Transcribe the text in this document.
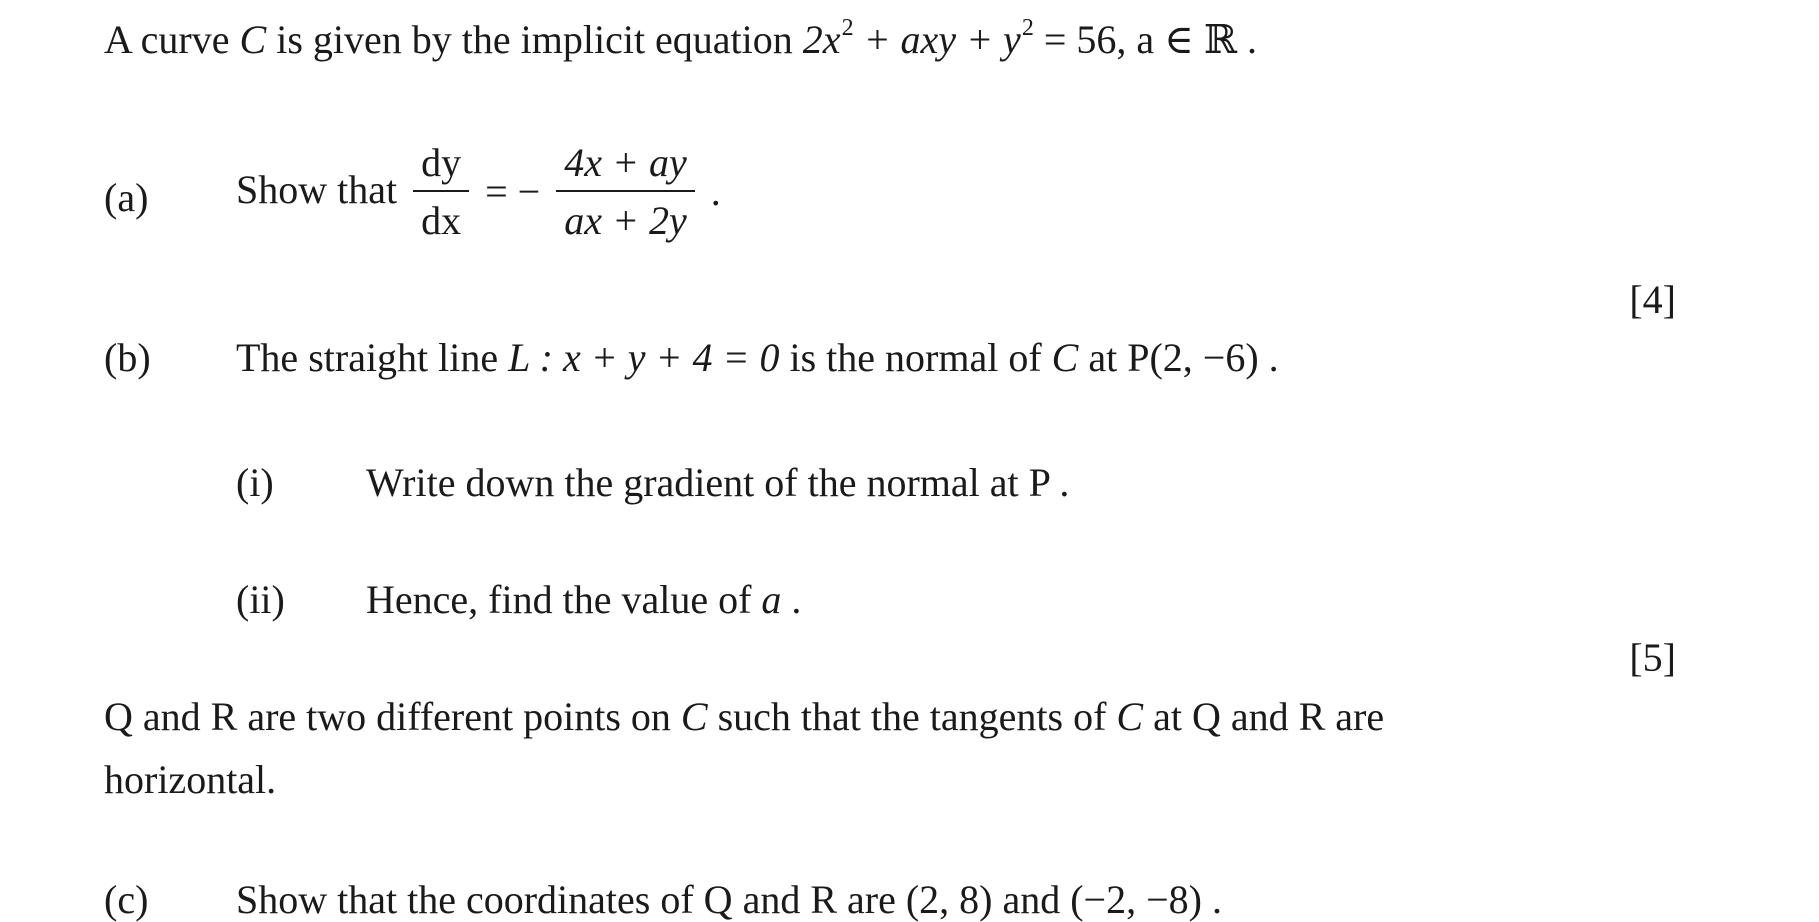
A curve C is given by the implicit equation $2x^2$ + axy + $y^2 = 56$, a ∈ ℝ .
(a) Show that $\frac{dy}{dx}$ = − $\frac{4x + ay}{ax + 2y}$ .
[4]
(b) The straight line L : x + y + 4 = 0 is the normal of C at P(2, −6) .
(i) Write down the gradient of the normal at P .
(ii) Hence, find the value of a .
[5]
Q and R are two different points on C such that the tangents of C at Q and R are
horizontal.
(c) Show that the coordinates of Q and R are (2, 8) and (−2, −8) .
